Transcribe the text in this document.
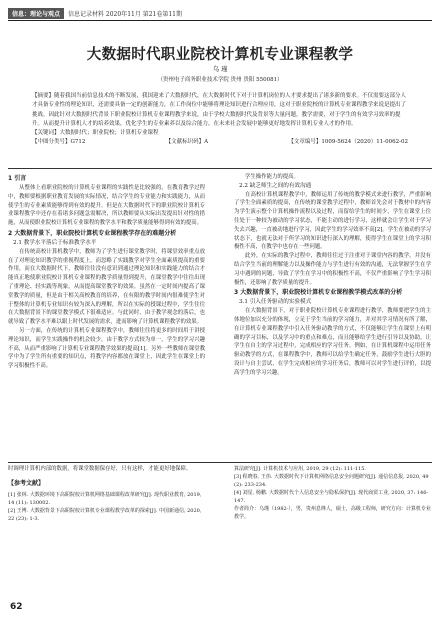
信息：理论与观点	信息记录材料 2020年11月 第21卷第11期
大数据时代职业院校计算机专业课程教学
乌 瑾
（贵州电子商务职业技术学院 贵州 贵阳 550081）

【摘要】随着我国当前信息技术的不断发展，我国迎来了大数据时代，在大数据时代下对于计算机岗位的人才要求提出了诸多新的要求。不仅需要这部分人才具备专业性的理论知识，还需要具备一定的创新能力，在工作岗位中能够将理论知识进行合理应用，这对于职业院校的计算机专业课程教学来说是提出了挑战。因此针对大数据时代背景下职业院校计算机专业课程教学来说，由于学校大数据时代及背景等大量问题，教学需要，对于学生的有效学习效率的提升。从而提升计算机人才的培养效果，优化学生的专业素养以及综合能力，在未来社会发展中能够更好地发挥计算机专业人才的作用。

【关键词】大数据时代；职业院校；计算机专业课程

【中图分类号】G712	【文献标识码】A	【文章编号】1009-5624（2020）11-0062-02
1 引言

从整体上看职业院校的计算机专业课程的实践性是比较强的，在教育教学过程中，教师要根据职业教育发展的实际情况，结合学生的专业能力和实践能力，从而使学生的专业素质能够得到有效的提升。但是在大数据时代下的职业院校计算机专业课程教学中还存在着诸多问题急需解决，所以教师要从实际出发提出针对性的措施，从而使职业院校计算机专业课程的教学水平和教学质量能够得到有效的提高。

2 大数据背景下，职业院校计算机专业课程教学存在的难题分析
2.1 教学水平落后于标准教学水平

在传统高校计算机教学中，教师为了学生进行课堂教学时，将课堂效率重点放在了对理论知识教学的重视程度上，而忽略了实践教学对学生全面素质提高的重要作用，而在大数据时代下，教师往往没有意识到通过理论知识和实践能力的结合才能真正地使职业院校计算机专业课程的教学质量得到提升，在课堂教学中往往出现了重理论、轻实践等现象。从而提高课堂教学的效果。虽然在一定时间内提高了课堂教学的质量，但是由于相关高校教育的培养，在有限的教学时间内很难使学生对于整体的计算机专业知识有较为深入的理解，所以在实际的授课过程中，学生往往在大数据背景下的课堂教学模式下很难适应。与此同时，由于教学观念的落后，也就导致了教学水平难以跟上时代发展的需求，进而影响了计算机课程教学的效果。

另一方面，在传统的计算机专业课程教学中，教师往往将更多的时间用于讲授理论知识，而学生实践操作的机会较少，由于教学方式较为单一，学生的学习兴趣不高，从而严重影响了计算机专业课程教学效果的提高[1]。另外一些教师在课堂教学中为了学生所有重要的知识点，将教学内容都放在课堂上，因此学生在课堂上的学习积极性不高。

学生操作能力的提高。

2.2 缺乏师生之间的有效沟通

在高校计算机课程教学中，教师运用了传统的教学模式来进行教学，严重影响了学生全面素质的提高，在传统的课堂教学过程中，教师首先会对于教材中的内容为学生演示整个计算机操作流程以及过程，而留给学生的时间少，学生在课堂上往往处于一种较为被动的学习状态，不能主动的进行学习，这样就会让学生对于学习失去兴趣，一直被动地进行学习，因此学生的学习效率不高[2]。学生在被动的学习状态下，也就无法对于所学习的知识进行深入的理解，使得学生在课堂上的学习积极性不高，在教学中也存在一些问题。

此外，在实际的教学过程中，教师往往过于注重对于课堂内容的教学，并没有结合学生当前的理解能力以及操作能力与学生进行有效的沟通，无法掌握学生在学习中遇到的问题，导致了学生在学习中的积极性不高，不仅严重影响了学生学习积极性，还影响了教学质量的提升。

3 大数据背景下，职业院校计算机专业课程教学模式改革的分析
3.1 引入任务驱动的实验模式

在大数据背景下，对于职业院校计算机专业课程进行教学，教师要把学生的主体地位加以充分的体现，立足于学生当前的学习能力，并对其学习情况有所了解，在计算机专业课程教学中引入任务驱动教学的方式，不仅能够让学生在课堂上有明确的学习目标，以及学习中的重点和难点，而且能够给学生进行引导以及协助，让学生在自主的学习过程中，完成相应的学习任务。例如，在计算机课程中运用任务驱动教学的方式，在课程教学中，教师可以给学生确定任务，鼓励学生进行大胆的设计与自主尝试，在学生完成相应的学习任务后，教师可以对学生进行评价，以提高学生的学习兴趣。

时调理计算机内部的数据，将课堂数据保存好，只有这样，才能更好地保障。

【参考文献】

[1] 张林. 大数据环境下高职院校计算机网络基础课程改革研究[J]. 现代职业教育, 2019, 14 (11): 130002.

[2] 王博. 大数据背景下高职院校计算机专业课程教学改革的探索[J]. 中国新通信, 2020, 22 (23): 1-3.

算法研究[J]. 计算机技术与应用, 2019, 29 (12): 111-115.

[3] 程晓春, 王伟. 大数据时代下计算机网络信息安全问题研究[J]. 通信信息报, 2020, 49 (2): 233-234.

[4] 刘星, 杨鹏. 大数据时代个人信息安全与隐私保护[J]. 现代商贸工业, 2020, 37: 146-147.

作者简介：乌瑾（1982-），男，贵州息烽人，硕士，高级工程师，研究方向：计算机专业教学。

62
